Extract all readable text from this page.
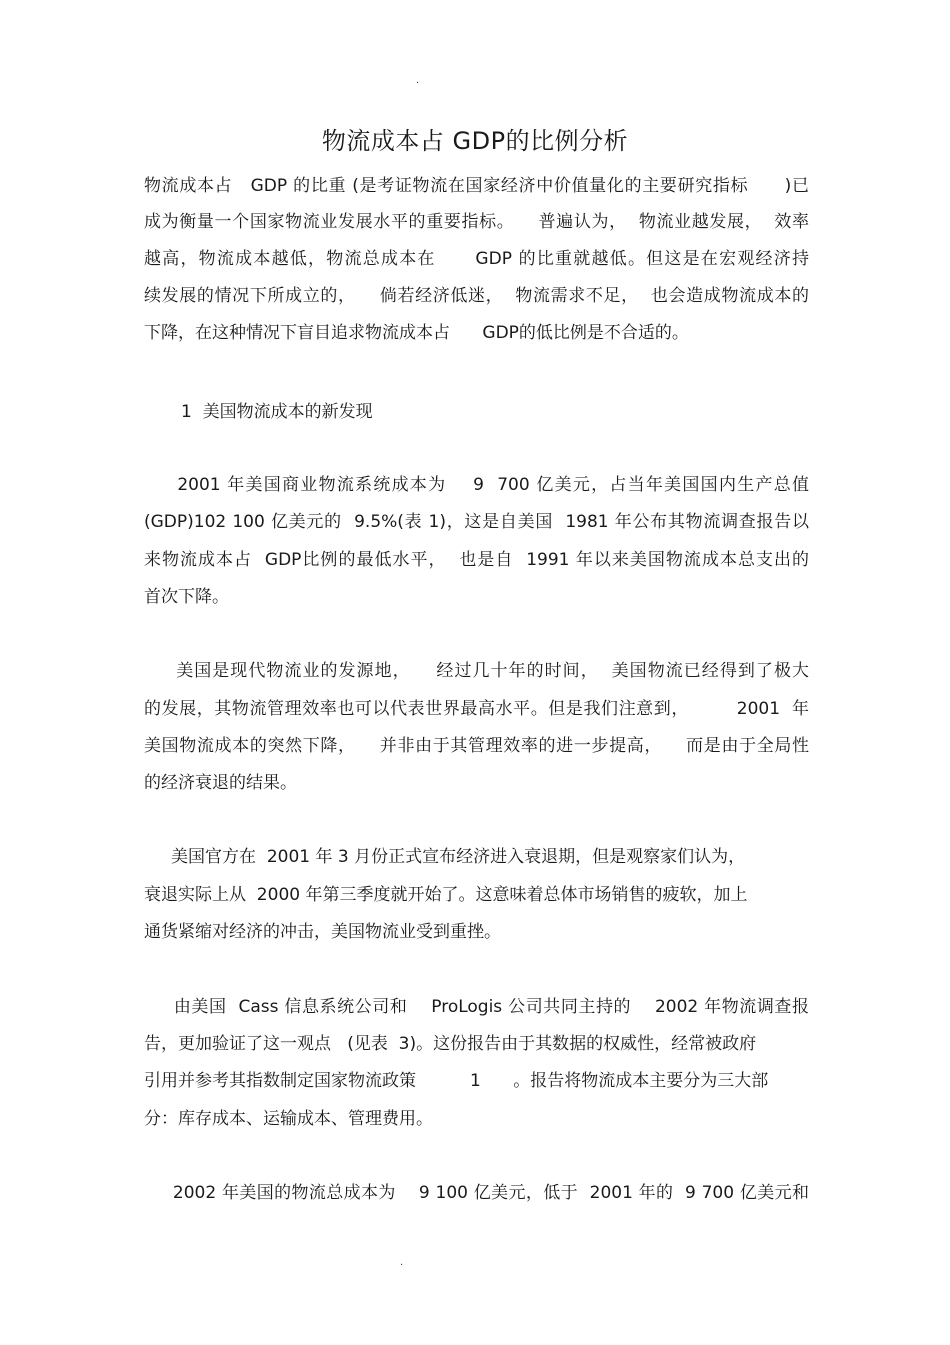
.
物流成本占 GDP的比例分析

物流成本占   GDP 的比重 (是考证物流在国家经济中价值量化的主要研究指标      )已

成为衡量一个国家物流业发展水平的重要指标。    普遍认为，  物流业越发展，  效率

越高，物流成本越低，物流总成本在      GDP 的比重就越低。但这是在宏观经济持

续发展的情况下所成立的，    倘若经济低迷，  物流需求不足，  也会造成物流成本的

下降，在这种情况下盲目追求物流成本占      GDP的低比例是不合适的。

1  美国物流成本的新发现

2001 年美国商业物流系统成本为    9  700 亿美元，占当年美国国内生产总值

(GDP)102 100 亿美元的  9.5%(表 1)，这是自美国  1981 年公布其物流调查报告以

来物流成本占  GDP比例的最低水平，  也是自  1991 年以来美国物流成本总支出的

首次下降。

美国是现代物流业的发源地，    经过几十年的时间，  美国物流已经得到了极大

的发展，其物流管理效率也可以代表世界最高水平。但是我们注意到，        2001  年

美国物流成本的突然下降，    并非由于其管理效率的进一步提高，    而是由于全局性

的经济衰退的结果。

美国官方在  2001 年 3 月份正式宣布经济进入衰退期，但是观察家们认为，

衰退实际上从  2000 年第三季度就开始了。这意味着总体市场销售的疲软，加上

通货紧缩对经济的冲击，美国物流业受到重挫。

由美国  Cass 信息系统公司和    ProLogis 公司共同主持的    2002 年物流调查报

告，更加验证了这一观点   (见表  3)。这份报告由于其数据的权威性，经常被政府

引用并参考其指数制定国家物流政策          1      。报告将物流成本主要分为三大部

分：库存成本、运输成本、管理费用。

2002 年美国的物流总成本为    9 100 亿美元，低于  2001 年的  9 700 亿美元和

.
